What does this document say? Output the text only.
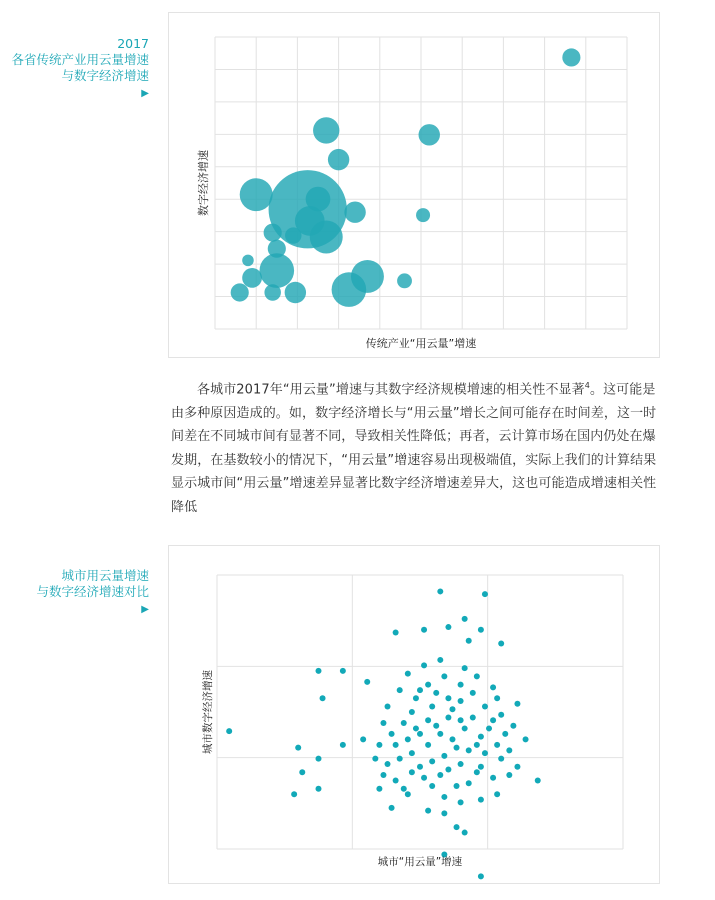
2017
各省传统产业用云量增速
与数字经济增速
▶
传统产业“用云量”增速
数字经济增速
各城市2017年“用云量”增速与其数字经济规模增速的相关性不显著$^4$。这可能是由多种原因造成的。如，数字经济增长与“用云量”增长之间可能存在时间差，这一时间差在不同城市间有显著不同，导致相关性降低；再者，云计算市场在国内仍处在爆发期，在基数较小的情况下，“用云量”增速容易出现极端值，实际上我们的计算结果显示城市间“用云量”增速差异显著比数字经济增速差异大，这也可能造成增速相关性降低
城市用云量增速
与数字经济增速对比
▶
城市“用云量”增速
城市数字经济增速
